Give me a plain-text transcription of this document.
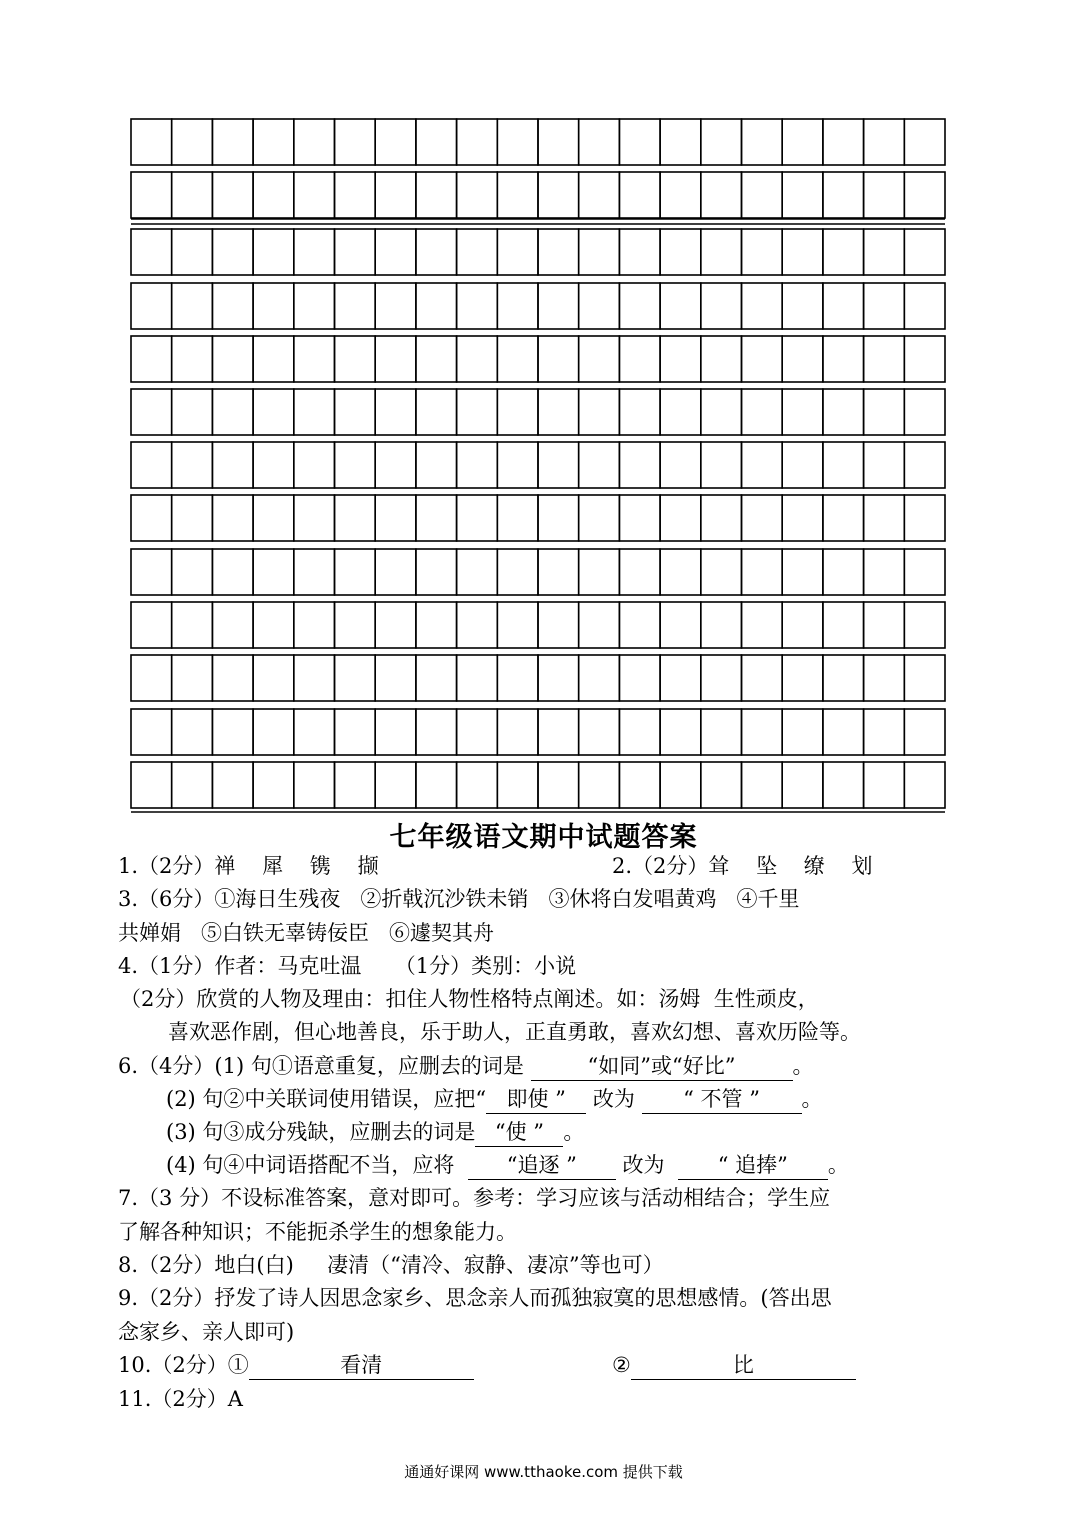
七年级语文期中试题答案
1.（2分）禅    犀    镌    撷	2.（2分）耸    坠    缭    划
3.（6分）①海日生残夜   ②折戟沉沙铁未销   ③休将白发唱黄鸡   ④千里
共婵娟   ⑤白铁无辜铸佞臣   ⑥遽契其舟
4.（1分）作者：马克吐温     （1分）类别：小说
（2分）欣赏的人物及理由：扣住人物性格特点阐述。如：汤姆  生性顽皮，
喜欢恶作剧，但心地善良，乐于助人，正直勇敢，喜欢幻想、喜欢历险等。
6.（4分）(1) 句①语意重复，应删去的词是	“如同”或“好比”	。
(2) 句②中关联词使用错误，应把“ 即使 ” 改为 “ 不管 ” 。
(3) 句③成分残缺，应删去的词是 “使 ” 。
(4) 句④中词语搭配不当，应将 “追逐 ” 改为	“ 追捧” 。
7.（3 分）不设标准答案，意对即可。参考：学习应该与活动相结合；学生应
了解各种知识；不能扼杀学生的想象能力。
8.（2分）地白(白)     凄清（“清冷、寂静、凄凉”等也可）
9.（2分）抒发了诗人因思念家乡、思念亲人而孤独寂寞的思想感情。(答出思
念家乡、亲人即可)
10.（2分）①	看清	②	比
11.（2分）A
通通好课网 www.tthaoke.com 提供下载
